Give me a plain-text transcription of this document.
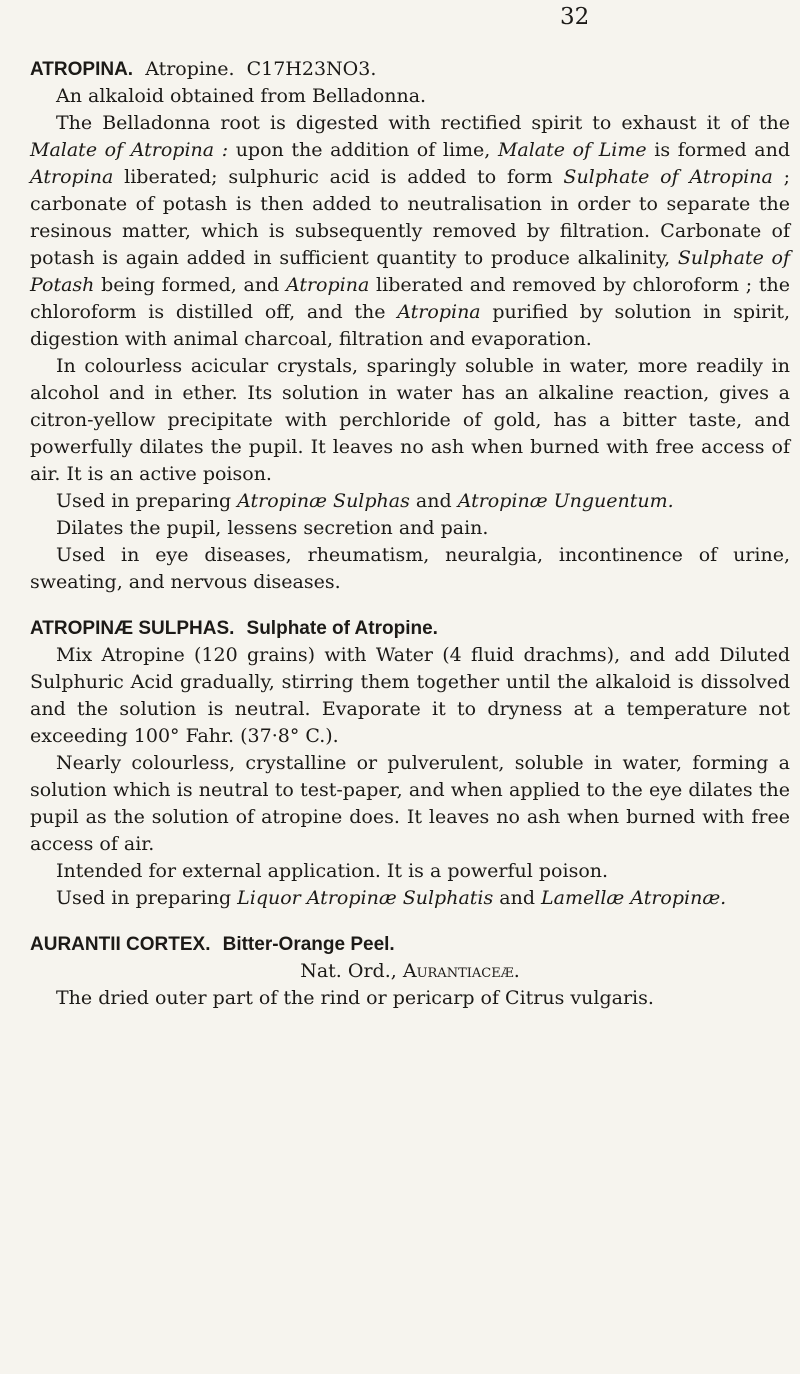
32

ATROPINA. Atropine. C17H23NO3.

An alkaloid obtained from Belladonna.

The Belladonna root is digested with rectified spirit to exhaust it of the Malate of Atropina : upon the addition of lime, Malate of Lime is formed and Atropina liberated; sulphuric acid is added to form Sulphate of Atropina ; carbonate of potash is then added to neutralisation in order to separate the resinous matter, which is subsequently removed by filtration. Carbonate of potash is again added in sufficient quantity to produce alkalinity, Sulphate of Potash being formed, and Atropina liberated and removed by chloroform ; the chloroform is distilled off, and the Atropina purified by solution in spirit, digestion with animal charcoal, filtration and evaporation.

In colourless acicular crystals, sparingly soluble in water, more readily in alcohol and in ether. Its solution in water has an alkaline reaction, gives a citron-yellow precipitate with perchloride of gold, has a bitter taste, and powerfully dilates the pupil. It leaves no ash when burned with free access of air. It is an active poison.

Used in preparing Atropinæ Sulphas and Atropinæ Unguentum.

Dilates the pupil, lessens secretion and pain.

Used in eye diseases, rheumatism, neuralgia, incontinence of urine, sweating, and nervous diseases.

ATROPINÆ SULPHAS. Sulphate of Atropine.

Mix Atropine (120 grains) with Water (4 fluid drachms), and add Diluted Sulphuric Acid gradually, stirring them together until the alkaloid is dissolved and the solution is neutral. Evaporate it to dryness at a temperature not exceeding 100° Fahr. (37·8° C.).

Nearly colourless, crystalline or pulverulent, soluble in water, forming a solution which is neutral to test-paper, and when applied to the eye dilates the pupil as the solution of atropine does. It leaves no ash when burned with free access of air.

Intended for external application. It is a powerful poison.

Used in preparing Liquor Atropinæ Sulphatis and Lamellæ Atropinæ.

AURANTII CORTEX. Bitter-Orange Peel.

Nat. Ord., Aurantiaceæ.

The dried outer part of the rind or pericarp of Citrus vulgaris.
